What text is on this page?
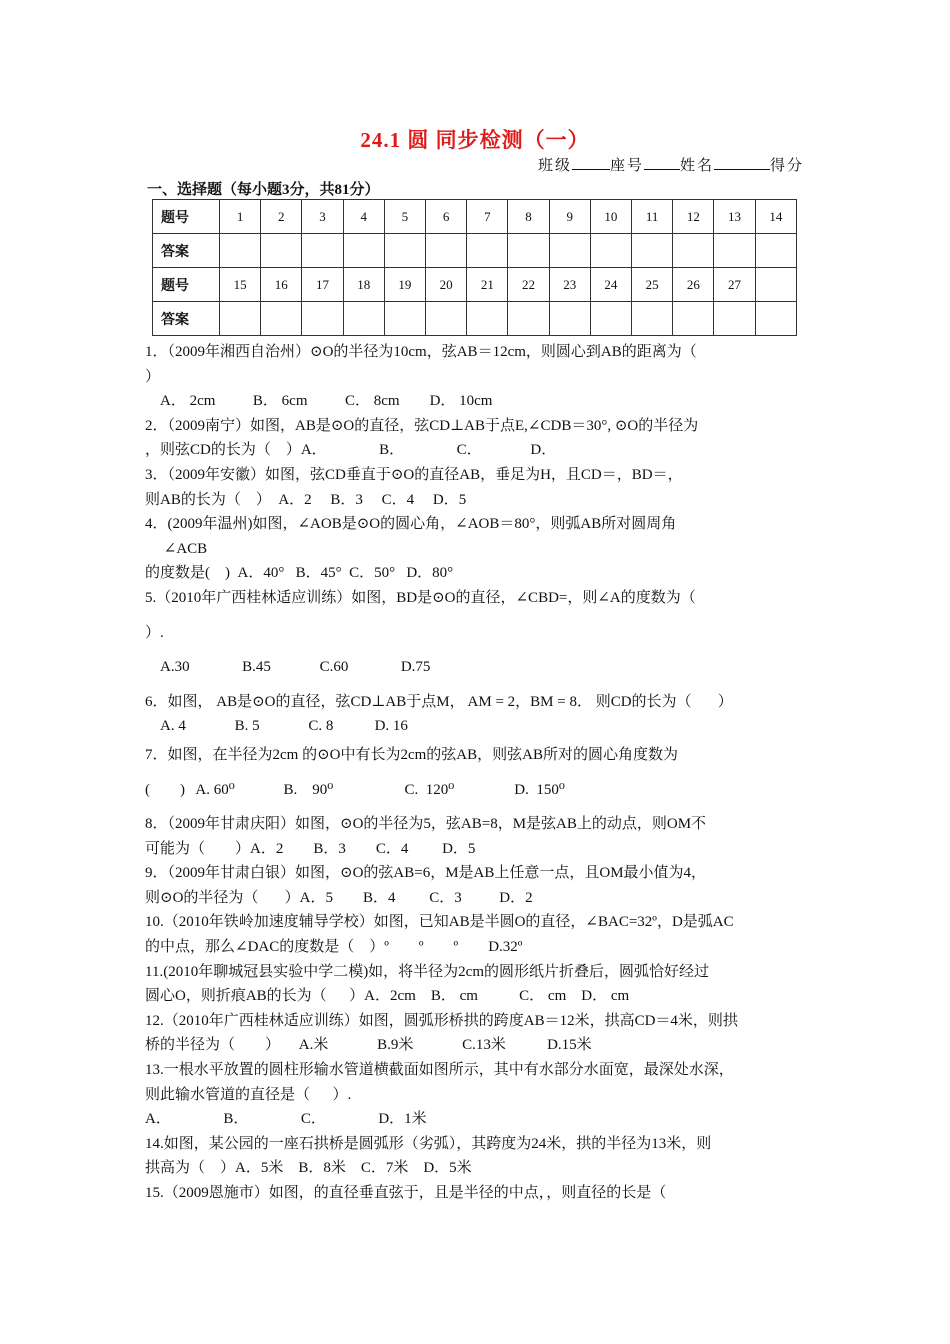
24.1 圆 同步检测（一）
班级	座号 姓名	得分
一、选择题（每小题3分，共81分）
题号	1	2	3	4	5	6	7	8	9	10	11	12	13	14
答案														
题号	15	16	17	18	19	20	21	22	23	24	25	26	27	
答案														

1．（2009年湘西自治州）⊙O的半径为10cm，弦AB＝12cm，则圆心到AB的距离为（

）

A． 2cm          B． 6cm          C． 8cm        D． 10cm

2．（2009南宁）如图，AB是⊙O的直径，弦CD⊥AB于点E,∠CDB＝30°, ⊙O的半径为

，则弦CD的长为（    ）A．              B．              C．             D．

3．（2009年安徽）如图，弦CD垂直于⊙O的直径AB，垂足为H，且CD＝，BD＝，

则AB的长为（    ）  A．2     B．3     C．4     D．5

4．(2009年温州)如图，∠AOB是⊙O的圆心角，∠AOB＝80°，则弧AB所对圆周角

∠ACB

的度数是(    )  A．40°   B．45°  C．50°   D．80°

5.（2010年广西桂林适应训练）如图，BD是⊙O的直径，∠CBD=，则∠A的度数为（

）.

A.30              B.45             C.60              D.75

6．如图， AB是⊙O的直径，弦CD⊥AB于点M， AM = 2，BM = 8． 则CD的长为（       ）

A. 4             B. 5             C. 8           D. 16

7．如图，在半径为2cm 的⊙O中有长为2cm的弦AB，则弦AB所对的圆心角度数为

(        )   A. 60⁰             B.    90⁰                   C.  120⁰                D.  150⁰

8．（2009年甘肃庆阳）如图，⊙O的半径为5，弦AB=8，M是弦AB上的动点，则OM不

可能为（        ）A．2        B．3        C．4         D．5

9．（2009年甘肃白银）如图，⊙O的弦AB=6，M是AB上任意一点，且OM最小值为4，

则⊙O的半径为（       ）A．5        B．4         C．3          D．2

10.（2010年铁岭加速度辅导学校）如图，已知AB是半圆O的直径，∠BAC=32º，D是弧AC

的中点，那么∠DAC的度数是（    ）º        º        º        D.32º

11.(2010年聊城冠县实验中学二模)如，将半径为2cm的圆形纸片折叠后，圆弧恰好经过

圆心O，则折痕AB的长为（      ）A．2cm    B． cm           C． cm    D． cm

12.（2010年广西桂林适应训练）如图，圆弧形桥拱的跨度AB＝12米，拱高CD＝4米，则拱

桥的半径为（        ）     A.米             B.9米             C.13米           D.15米

13.一根水平放置的圆柱形输水管道横截面如图所示，其中有水部分水面宽，最深处水深，

则此输水管道的直径是（      ）.

A．              B．              C．              D．1米

14.如图，某公园的一座石拱桥是圆弧形（劣弧），其跨度为24米，拱的半径为13米，则

拱高为（    ）A．5米    B．8米    C．7米    D．5米

15.（2009恩施市）如图，的直径垂直弦于，且是半径的中点，，则直径的长是（
